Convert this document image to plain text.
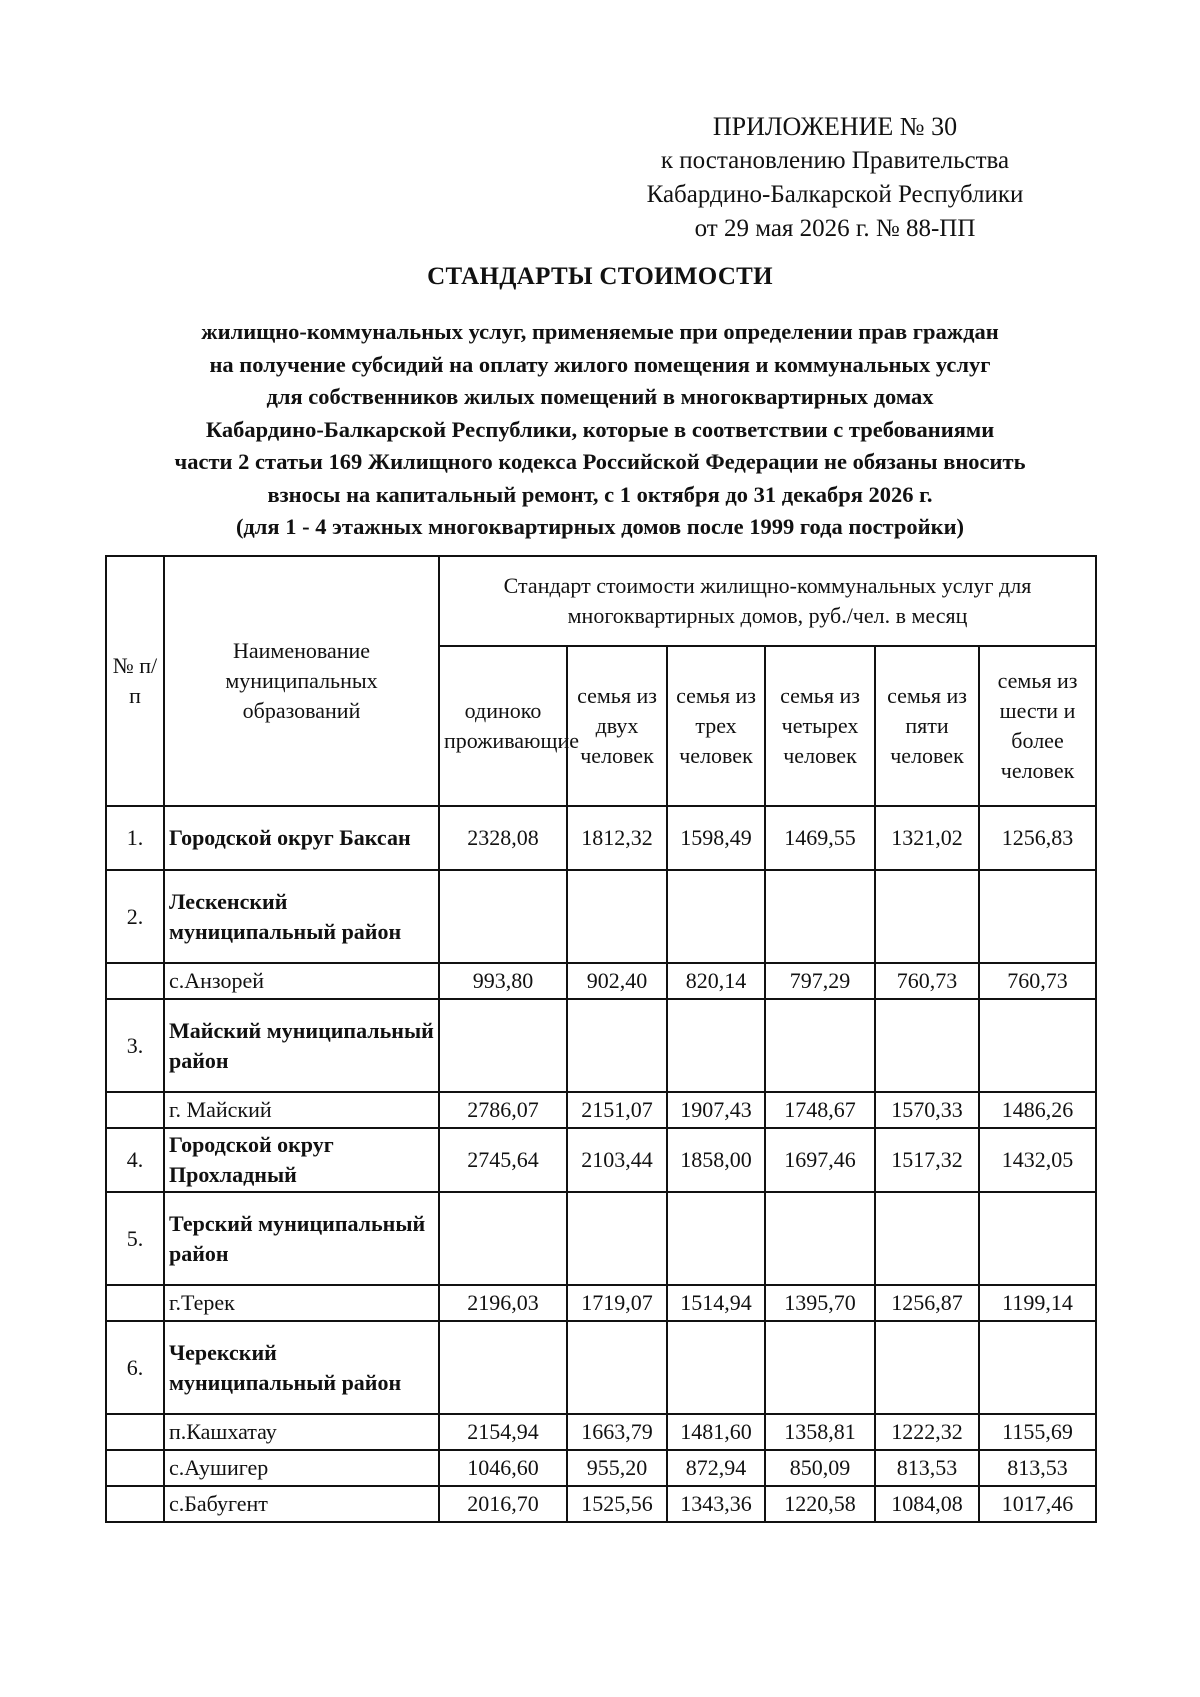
ПРИЛОЖЕНИЕ № 30
к постановлению Правительства
Кабардино-Балкарской Республики
от 29 мая 2026 г. № 88-ПП
СТАНДАРТЫ СТОИМОСТИ
жилищно-коммунальных услуг, применяемые при определении прав граждан
на получение субсидий на оплату жилого помещения и коммунальных услуг
для собственников жилых помещений в многоквартирных домах
Кабардино-Балкарской Республики, которые в соответствии с требованиями
части 2 статьи 169 Жилищного кодекса Российской Федерации не обязаны вносить
взносы на капитальный ремонт, с 1 октября до 31 декабря 2026 г.
(для 1 - 4 этажных многоквартирных домов после 1999 года постройки)
№ п/п	Наименование муниципальных образований	Стандарт стоимости жилищно-коммунальных услуг для многоквартирных домов, руб./чел. в месяц					
		одиноко проживающие	семья из двух человек	семья из трех человек	семья из четырех человек	семья из пяти человек	семья из шести и более человек
1.	Городской округ Баксан	2328,08	1812,32	1598,49	1469,55	1321,02	1256,83
2.	Лескенский муниципальный район						
	с.Анзорей	993,80	902,40	820,14	797,29	760,73	760,73
3.	Майский муниципальный район						
	г. Майский	2786,07	2151,07	1907,43	1748,67	1570,33	1486,26
4.	Городской округ Прохладный	2745,64	2103,44	1858,00	1697,46	1517,32	1432,05
5.	Терский муниципальный район						
	г.Терек	2196,03	1719,07	1514,94	1395,70	1256,87	1199,14
6.	Черекский муниципальный район						
	п.Кашхатау	2154,94	1663,79	1481,60	1358,81	1222,32	1155,69
	с.Аушигер	1046,60	955,20	872,94	850,09	813,53	813,53
	с.Бабугент	2016,70	1525,56	1343,36	1220,58	1084,08	1017,46
